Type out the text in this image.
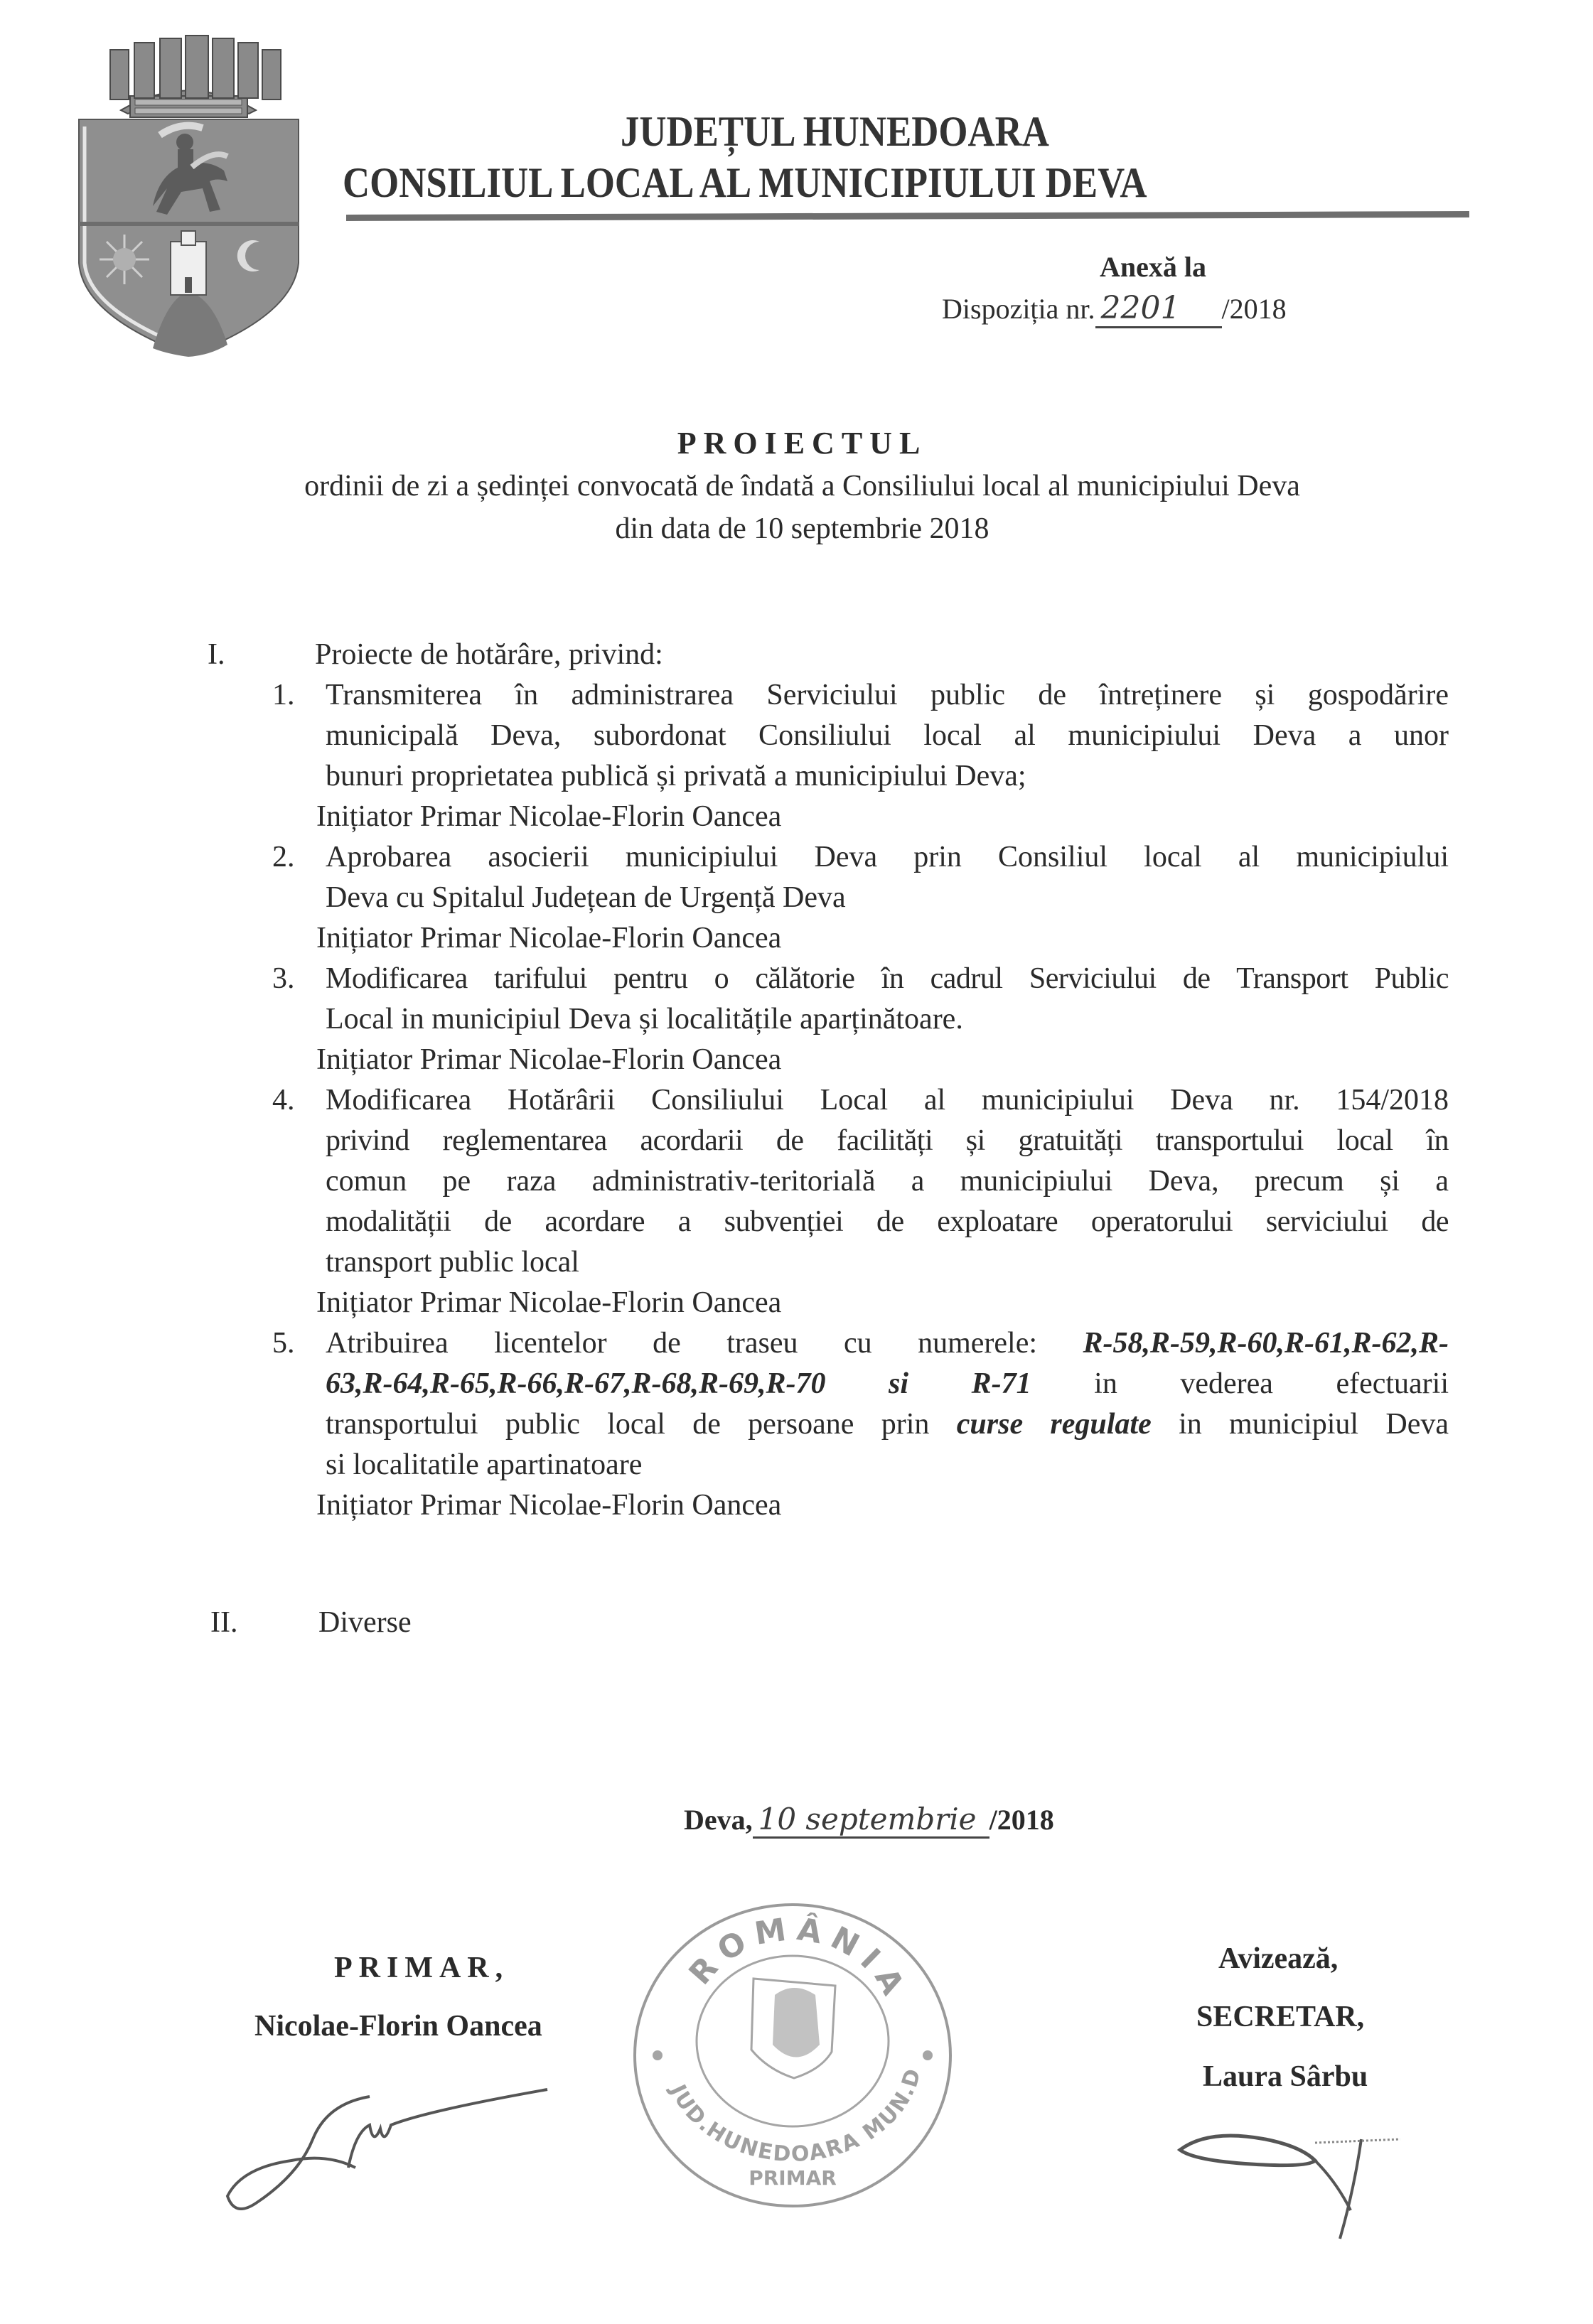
JUDEȚUL HUNEDOARA
CONSILIUL LOCAL AL MUNICIPIULUI DEVA
Anexă la
Dispoziția nr. 2201 /2018
PROIECTUL
ordinii de zi a ședinței convocată de îndată a Consiliului local al municipiului Deva
din data de 10 septembrie 2018
I.	Proiecte de hotărâre, privind:
1. Transmiterea în administrarea Serviciului public de întreținere și gospodărire
municipală Deva, subordonat Consiliului local al municipiului Deva a unor
bunuri proprietatea publică și privată a municipiului Deva;
Inițiator Primar Nicolae-Florin Oancea
2. Aprobarea asocierii municipiului Deva prin Consiliul local al municipiului
Deva cu Spitalul Județean de Urgență Deva
Inițiator Primar Nicolae-Florin Oancea
3. Modificarea tarifului pentru o călătorie în cadrul Serviciului de Transport Public
Local in municipiul Deva și localitățile aparținătoare.
Inițiator Primar Nicolae-Florin Oancea
4. Modificarea Hotărârii Consiliului Local al municipiului Deva nr. 154/2018
privind reglementarea acordarii de facilități și gratuități transportului local în
comun pe raza administrativ-teritorială a municipiului Deva, precum și a
modalității de acordare a subvenției de exploatare operatorului serviciului de
transport public local
Inițiator Primar Nicolae-Florin Oancea
5. Atribuirea licentelor de traseu cu numerele: R-58,R-59,R-60,R-61,R-62,R-
63,R-64,R-65,R-66,R-67,R-68,R-69,R-70 si R-71 in vederea efectuarii
transportului public local de persoane prin curse regulate in municipiul Deva
si localitatile apartinatoare
Inițiator Primar Nicolae-Florin Oancea
II.	Diverse
Deva, 10 septembrie /2018
ROMÂNIA
JUD.HUNEDOARA MUN.D
PRIMAR
PRIMAR,
Nicolae-Florin Oancea
Avizează,
SECRETAR,
Laura Sârbu
